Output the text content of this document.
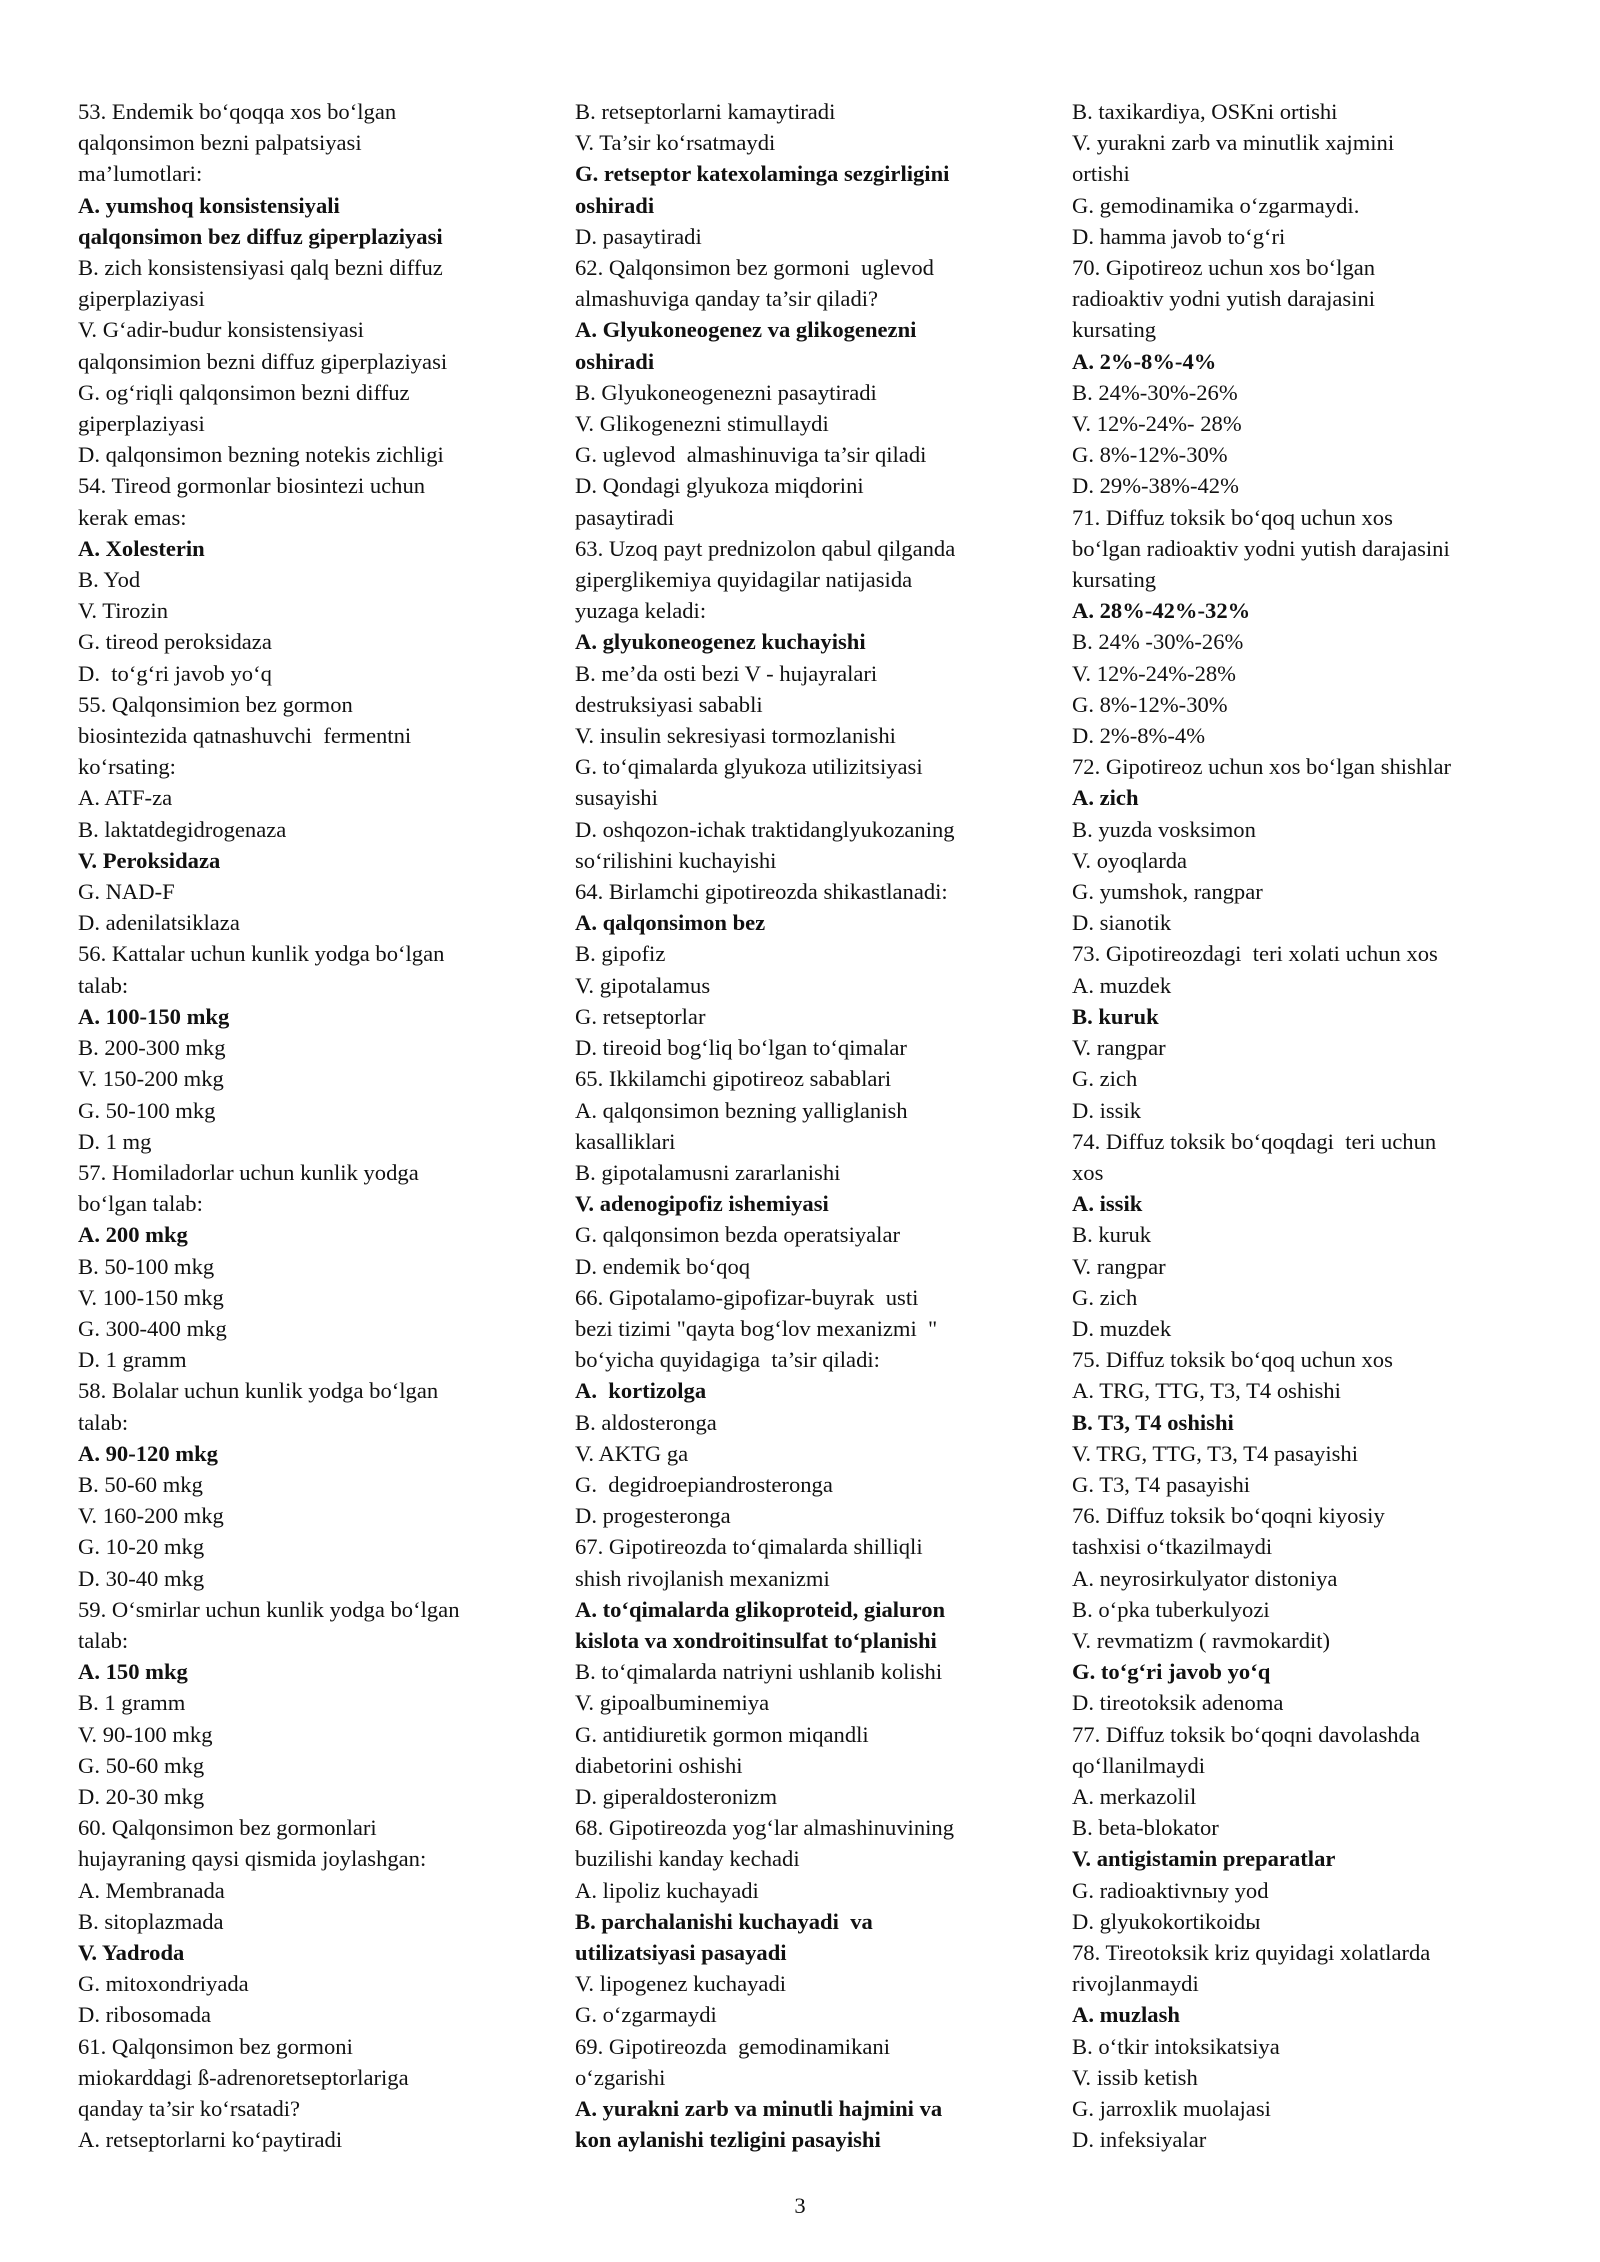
53. Endemik bo‘qoqqa xos bo‘lgan
qalqonsimon bezni palpatsiyasi
ma’lumotlari:
A. yumshoq konsistensiyali
qalqonsimon bez diffuz giperplaziyasi
B. zich konsistensiyasi qalq bezni diffuz
giperplaziyasi
V. G‘adir-budur konsistensiyasi
qalqonsimion bezni diffuz giperplaziyasi
G. og‘riqli qalqonsimon bezni diffuz
giperplaziyasi
D. qalqonsimon bezning notekis zichligi
54. Tireod gormonlar biosintezi uchun
kerak emas:
A. Xolesterin
B. Yod
V. Tirozin
G. tireod peroksidaza
D.  to‘g‘ri javob yo‘q
55. Qalqonsimion bez gormon
biosintezida qatnashuvchi  fermentni
ko‘rsating:
A. ATF-za
B. laktatdegidrogenaza
V. Peroksidaza
G. NAD-F
D. adenilatsiklaza
56. Kattalar uchun kunlik yodga bo‘lgan
talab:
A. 100-150 mkg
B. 200-300 mkg
V. 150-200 mkg
G. 50-100 mkg
D. 1 mg
57. Homiladorlar uchun kunlik yodga
bo‘lgan talab:
A. 200 mkg
B. 50-100 mkg
V. 100-150 mkg
G. 300-400 mkg
D. 1 gramm
58. Bolalar uchun kunlik yodga bo‘lgan
talab:
A. 90-120 mkg
B. 50-60 mkg
V. 160-200 mkg
G. 10-20 mkg
D. 30-40 mkg
59. O‘smirlar uchun kunlik yodga bo‘lgan
talab:
A. 150 mkg
B. 1 gramm
V. 90-100 mkg
G. 50-60 mkg
D. 20-30 mkg
60. Qalqonsimon bez gormonlari
hujayraning qaysi qismida joylashgan:
A. Membranada
B. sitoplazmada
V. Yadroda
G. mitoxondriyada
D. ribosomada
61. Qalqonsimon bez gormoni
miokarddagi ß-adrenoretseptorlariga
qanday ta’sir ko‘rsatadi?
A. retseptorlarni ko‘paytiradi
B. retseptorlarni kamaytiradi
V. Ta’sir ko‘rsatmaydi
G. retseptor katexolaminga sezgirligini
oshiradi
D. pasaytiradi
62. Qalqonsimon bez gormoni  uglevod
almashuviga qanday ta’sir qiladi?
A. Glyukoneogenez va glikogenezni
oshiradi
B. Glyukoneogenezni pasaytiradi
V. Glikogenezni stimullaydi
G. uglevod  almashinuviga ta’sir qiladi
D. Qondagi glyukoza miqdorini
pasaytiradi
63. Uzoq payt prednizolon qabul qilganda
giperglikemiya quyidagilar natijasida
yuzaga keladi:
A. glyukoneogenez kuchayishi
B. me’da osti bezi V - hujayralari
destruksiyasi sababli
V. insulin sekresiyasi tormozlanishi
G. to‘qimalarda glyukoza utilizitsiyasi
susayishi
D. oshqozon-ichak traktidanglyukozaning
so‘rilishini kuchayishi
64. Birlamchi gipotireozda shikastlanadi:
A. qalqonsimon bez
B. gipofiz
V. gipotalamus
G. retseptorlar
D. tireoid bog‘liq bo‘lgan to‘qimalar
65. Ikkilamchi gipotireoz sabablari
A. qalqonsimon bezning yalliglanish
kasalliklari
B. gipotalamusni zararlanishi
V. adenogipofiz ishemiyasi
G. qalqonsimon bezda operatsiyalar
D. endemik bo‘qoq
66. Gipotalamo-gipofizar-buyrak  usti
bezi tizimi "qayta bog‘lov mexanizmi  "
bo‘yicha quyidagiga  ta’sir qiladi:
A.  kortizolga
B. aldosteronga
V. AKTG ga
G.  degidroepiandrosteronga
D. progesteronga
67. Gipotireozda to‘qimalarda shilliqli
shish rivojlanish mexanizmi
A. to‘qimalarda glikoproteid, gialuron
kislota va xondroitinsulfat to‘planishi
B. to‘qimalarda natriyni ushlanib kolishi
V. gipoalbuminemiya
G. antidiuretik gormon miqandli
diabetorini oshishi
D. giperaldosteronizm
68. Gipotireozda yog‘lar almashinuvining
buzilishi kanday kechadi
A. lipoliz kuchayadi
B. parchalanishi kuchayadi  va
utilizatsiyasi pasayadi
V. lipogenez kuchayadi
G. o‘zgarmaydi
69. Gipotireozda  gemodinamikani
o‘zgarishi
A. yurakni zarb va minutli hajmini va
kon aylanishi tezligini pasayishi
B. taxikardiya, OSKni ortishi
V. yurakni zarb va minutlik xajmini
ortishi
G. gemodinamika o‘zgarmaydi.
D. hamma javob to‘g‘ri
70. Gipotireoz uchun xos bo‘lgan
radioaktiv yodni yutish darajasini
kursating
A. 2%-8%-4%
B. 24%-30%-26%
V. 12%-24%- 28%
G. 8%-12%-30%
D. 29%-38%-42%
71. Diffuz toksik bo‘qoq uchun xos
bo‘lgan radioaktiv yodni yutish darajasini
kursating
A. 28%-42%-32%
B. 24% -30%-26%
V. 12%-24%-28%
G. 8%-12%-30%
D. 2%-8%-4%
72. Gipotireoz uchun xos bo‘lgan shishlar
A. zich
B. yuzda vosksimon
V. oyoqlarda
G. yumshok, rangpar
D. sianotik
73. Gipotireozdagi  teri xolati uchun xos
A. muzdek
B. kuruk
V. rangpar
G. zich
D. issik
74. Diffuz toksik bo‘qoqdagi  teri uchun
xos
A. issik
B. kuruk
V. rangpar
G. zich
D. muzdek
75. Diffuz toksik bo‘qoq uchun xos
A. TRG, TTG, T3, T4 oshishi
B. T3, T4 oshishi
V. TRG, TTG, T3, T4 pasayishi
G. T3, T4 pasayishi
76. Diffuz toksik bo‘qoqni kiyosiy
tashxisi o‘tkazilmaydi
A. neyrosirkulyator distoniya
B. o‘pka tuberkulyozi
V. revmatizm ( ravmokardit)
G. to‘g‘ri javob yo‘q
D. tireotoksik adenoma
77. Diffuz toksik bo‘qoqni davolashda
qo‘llanilmaydi
A. merkazolil
B. beta-blokator
V. antigistamin preparatlar
G. radioaktivnыy yod
D. glyukokortikoidы
78. Tireotoksik kriz quyidagi xolatlarda
rivojlanmaydi
A. muzlash
B. o‘tkir intoksikatsiya
V. issib ketish
G. jarroxlik muolajasi
D. infeksiyalar
3
